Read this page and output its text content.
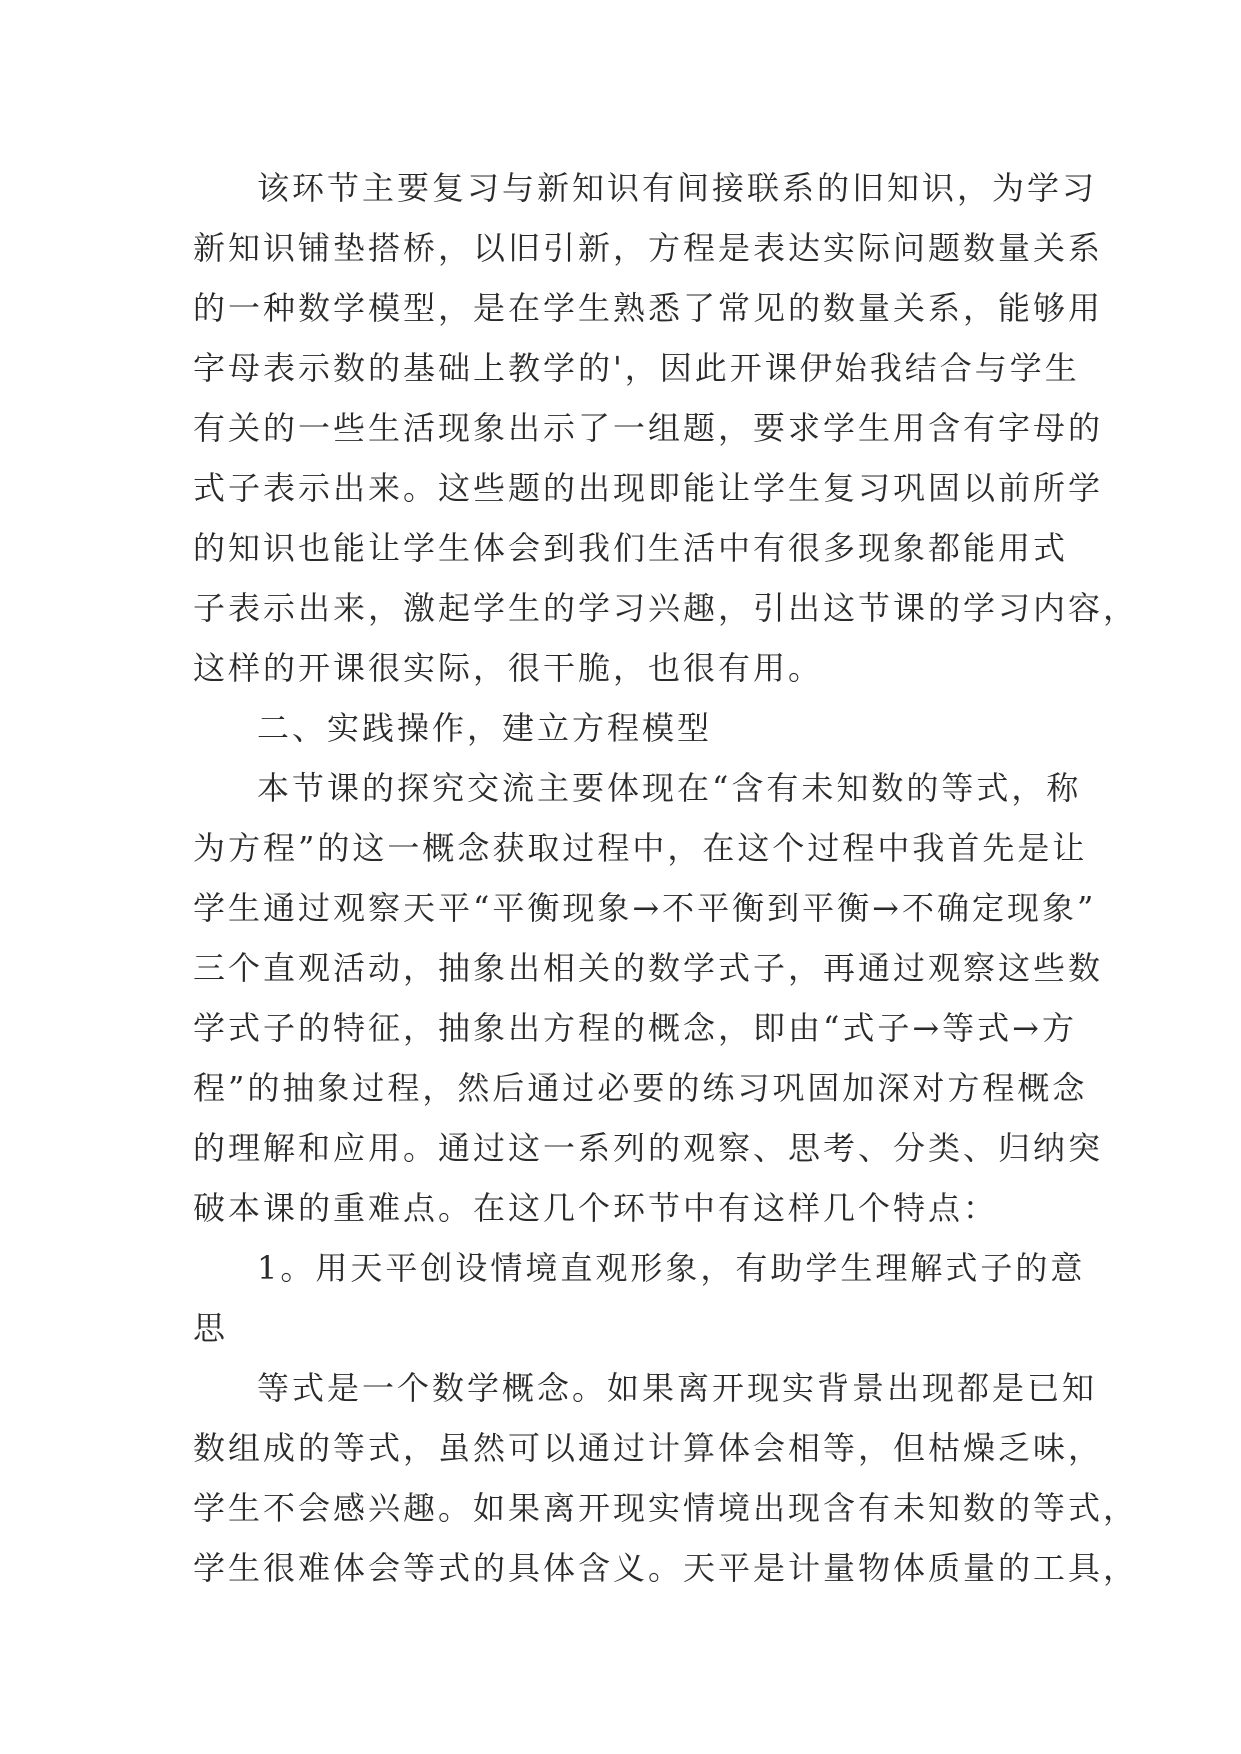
该环节主要复习与新知识有间接联系的旧知识，为学习
新知识铺垫搭桥，以旧引新，方程是表达实际问题数量关系
的一种数学模型，是在学生熟悉了常见的数量关系，能够用
字母表示数的基础上教学的'，因此开课伊始我结合与学生
有关的一些生活现象出示了一组题，要求学生用含有字母的
式子表示出来。这些题的出现即能让学生复习巩固以前所学
的知识也能让学生体会到我们生活中有很多现象都能用式
子表示出来，激起学生的学习兴趣，引出这节课的学习内容，
这样的开课很实际，很干脆，也很有用。
二、实践操作，建立方程模型
本节课的探究交流主要体现在“含有未知数的等式，称
为方程”的这一概念获取过程中，在这个过程中我首先是让
学生通过观察天平“平衡现象→不平衡到平衡→不确定现象”
三个直观活动，抽象出相关的数学式子，再通过观察这些数
学式子的特征，抽象出方程的概念，即由“式子→等式→方
程”的抽象过程，然后通过必要的练习巩固加深对方程概念
的理解和应用。通过这一系列的观察、思考、分类、归纳突
破本课的重难点。在这几个环节中有这样几个特点：
1。用天平创设情境直观形象，有助学生理解式子的意
思
等式是一个数学概念。如果离开现实背景出现都是已知
数组成的等式，虽然可以通过计算体会相等，但枯燥乏味，
学生不会感兴趣。如果离开现实情境出现含有未知数的等式，
学生很难体会等式的具体含义。天平是计量物体质量的工具，
